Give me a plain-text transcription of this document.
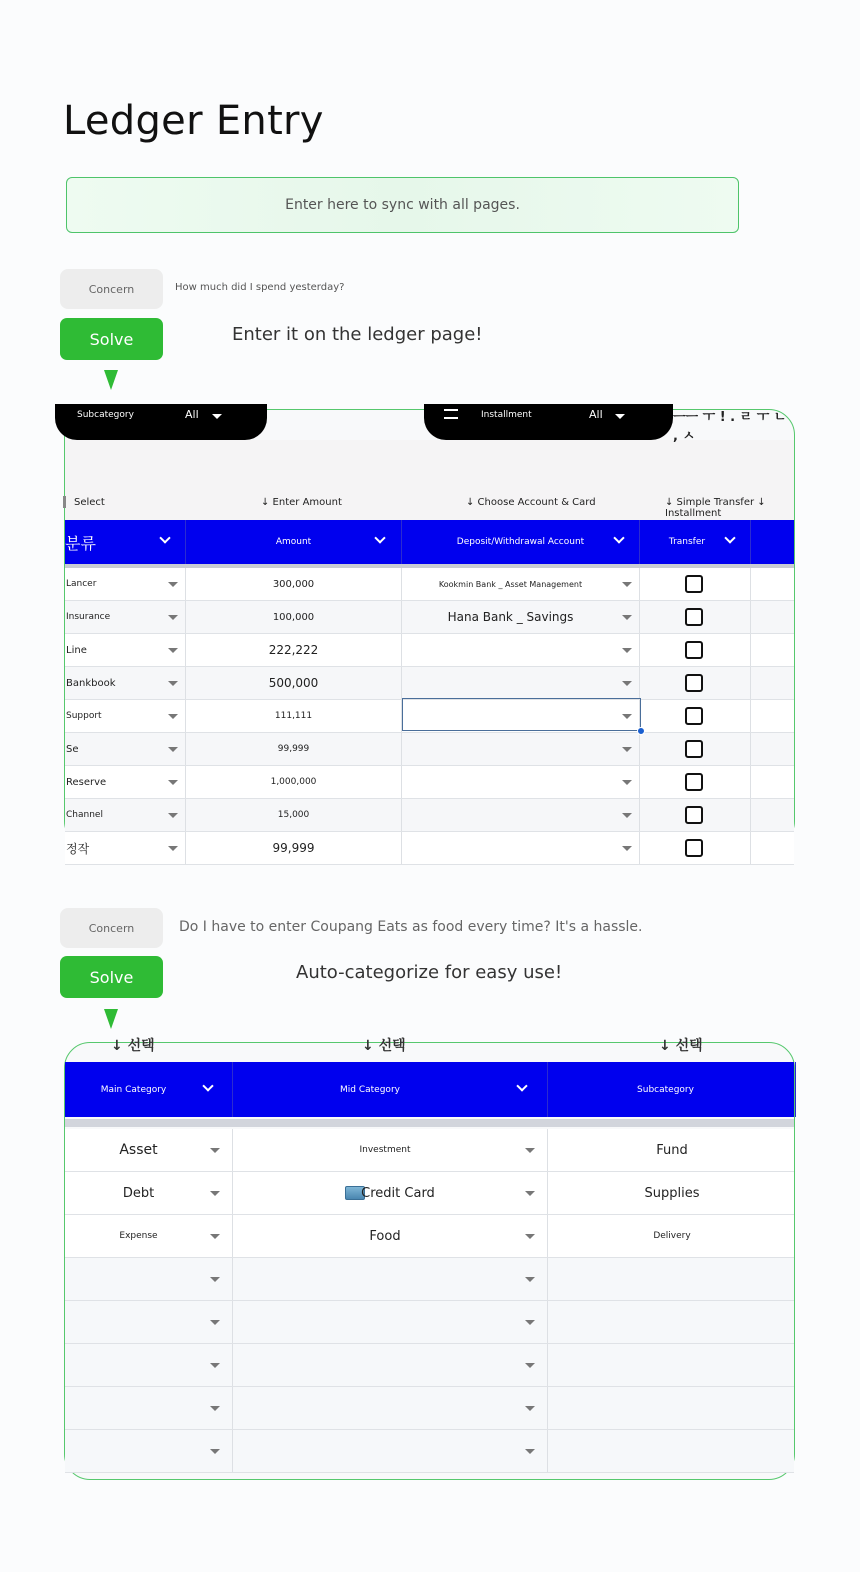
Ledger Entry
Enter here to sync with all pages.
Concern	How much did I spend yesterday?
Solve	Enter it on the ledger page!
Subcategory	All	Installment	All	ㅡㅡ ㅜ ! . ㄹ ㅜ ㄴ , ㅅ
Select	↓ Enter Amount	↓ Choose Account & Card	↓ Simple Transfer ↓ Installment
분류	Amount	Deposit/Withdrawal Account	Transfer
Lancer	300,000	Kookmin Bank _ Asset Management
Insurance	100,000	Hana Bank _ Savings
Line	222,222
Bankbook	500,000
Support	111,111
Se	99,999
Reserve	1,000,000
Channel	15,000
정작	99,999
Concern	Do I have to enter Coupang Eats as food every time? It's a hassle.
Solve	Auto-categorize for easy use!
↓ 선택	↓ 선택	↓ 선택
Main Category	Mid Category	Subcategory
Asset	Investment	Fund
Debt	Credit Card	Supplies
Expense	Food	Delivery
